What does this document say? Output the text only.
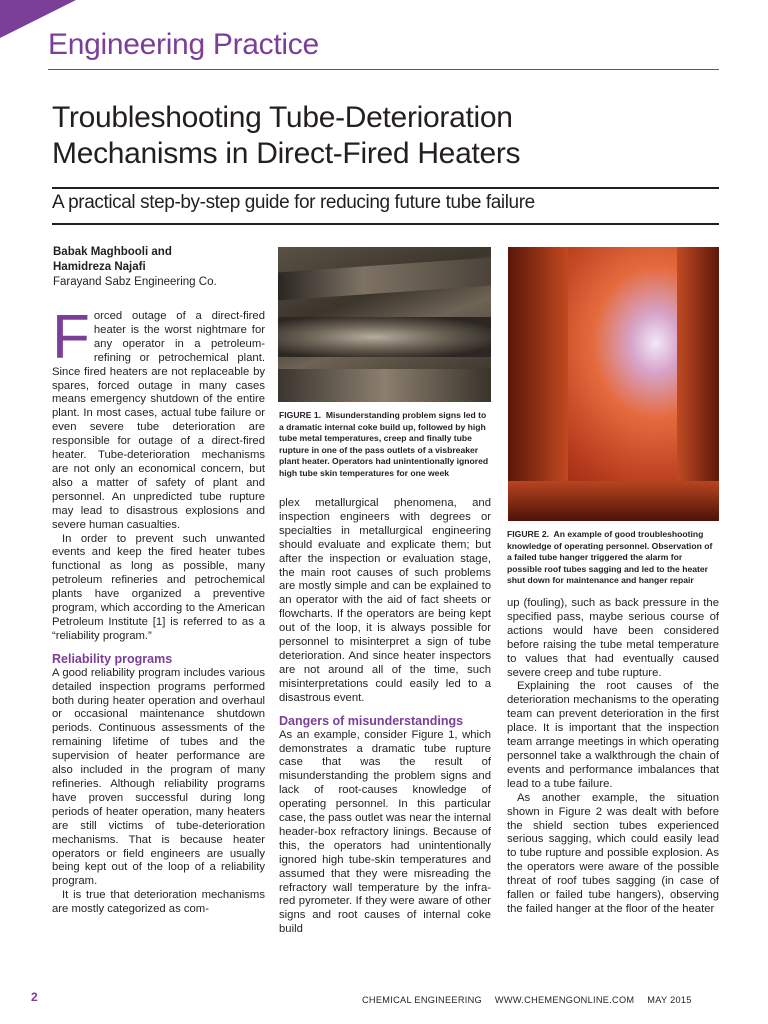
Engineering Practice
Troubleshooting Tube-Deterioration
Mechanisms in Direct-Fired Heaters
A practical step-by-step guide for reducing future tube failure
Babak Maghbooli and
Hamidreza Najafi
Farayand Sabz Engineering Co.

Forced outage of a direct-fired heater is the worst nightmare for any operator in a petroleum-refining or petrochemical plant. Since fired heaters are not replaceable by spares, forced outage in many cases means emergency shutdown of the entire plant. In most cases, actual tube failure or even severe tube deterioration are responsible for outage of a direct-fired heater. Tube-deterioration mechanisms are not only an economical concern, but also a matter of safety of plant and personnel. An unpredicted tube rupture may lead to disastrous explosions and severe human casualties.

In order to prevent such unwanted events and keep the fired heater tubes functional as long as possible, many petroleum refineries and petrochemical plants have organized a preventive program, which according to the American Petroleum Institute [1] is referred to as a “reliability program.”

Reliability programs

A good reliability program includes various detailed inspection programs performed both during heater operation and overhaul or occasional maintenance shutdown periods. Continuous assessments of the remaining lifetime of tubes and the supervision of heater performance are also included in the program of many refineries. Although reliability programs have proven successful during long periods of heater operation, many heaters are still victims of tube-deterioration mechanisms. That is because heater operators or field engineers are usually being kept out of the loop of a reliability program.

It is true that deterioration mechanisms are mostly categorized as com-

FIGURE 1. Misunderstanding problem signs led to a dramatic internal coke build up, followed by high tube metal temperatures, creep and finally tube rupture in one of the pass outlets of a visbreaker plant heater. Operators had unintentionally ignored high tube skin temperatures for one week

plex metallurgical phenomena, and inspection engineers with degrees or specialties in metallurgical engineering should evaluate and explicate them; but after the inspection or evaluation stage, the main root causes of such problems are mostly simple and can be explained to an operator with the aid of fact sheets or flowcharts. If the operators are being kept out of the loop, it is always possible for personnel to misinterpret a sign of tube deterioration. And since heater inspectors are not around all of the time, such misinterpretations could easily led to a disastrous event.

Dangers of misunderstandings

As an example, consider Figure 1, which demonstrates a dramatic tube rupture case that was the result of misunderstanding the problem signs and lack of root-causes knowledge of operating personnel. In this particular case, the pass outlet was near the internal header-box refractory linings. Because of this, the operators had unintentionally ignored high tube-skin temperatures and assumed that they were misreading the refractory wall temperature by the infra-red pyrometer. If they were aware of other signs and root causes of internal coke build

FIGURE 2. An example of good troubleshooting knowledge of operating personnel. Observation of a failed tube hanger triggered the alarm for possible roof tubes sagging and led to the heater shut down for maintenance and hanger repair

up (fouling), such as back pressure in the specified pass, maybe serious course of actions would have been considered before raising the tube metal temperature to values that had eventually caused severe creep and tube rupture.

Explaining the root causes of the deterioration mechanisms to the operating team can prevent deterioration in the first place. It is important that the inspection team arrange meetings in which operating personnel take a walkthrough the chain of events and performance imbalances that lead to a tube failure.

As another example, the situation shown in Figure 2 was dealt with before the shield section tubes experienced serious sagging, which could easily lead to tube rupture and possible explosion. As the operators were aware of the possible threat of roof tubes sagging (in case of fallen or failed tube hangers), observing the failed hanger at the floor of the heater

2	CHEMICAL ENGINEERING WWW.CHEMENGONLINE.COM MAY 2015
